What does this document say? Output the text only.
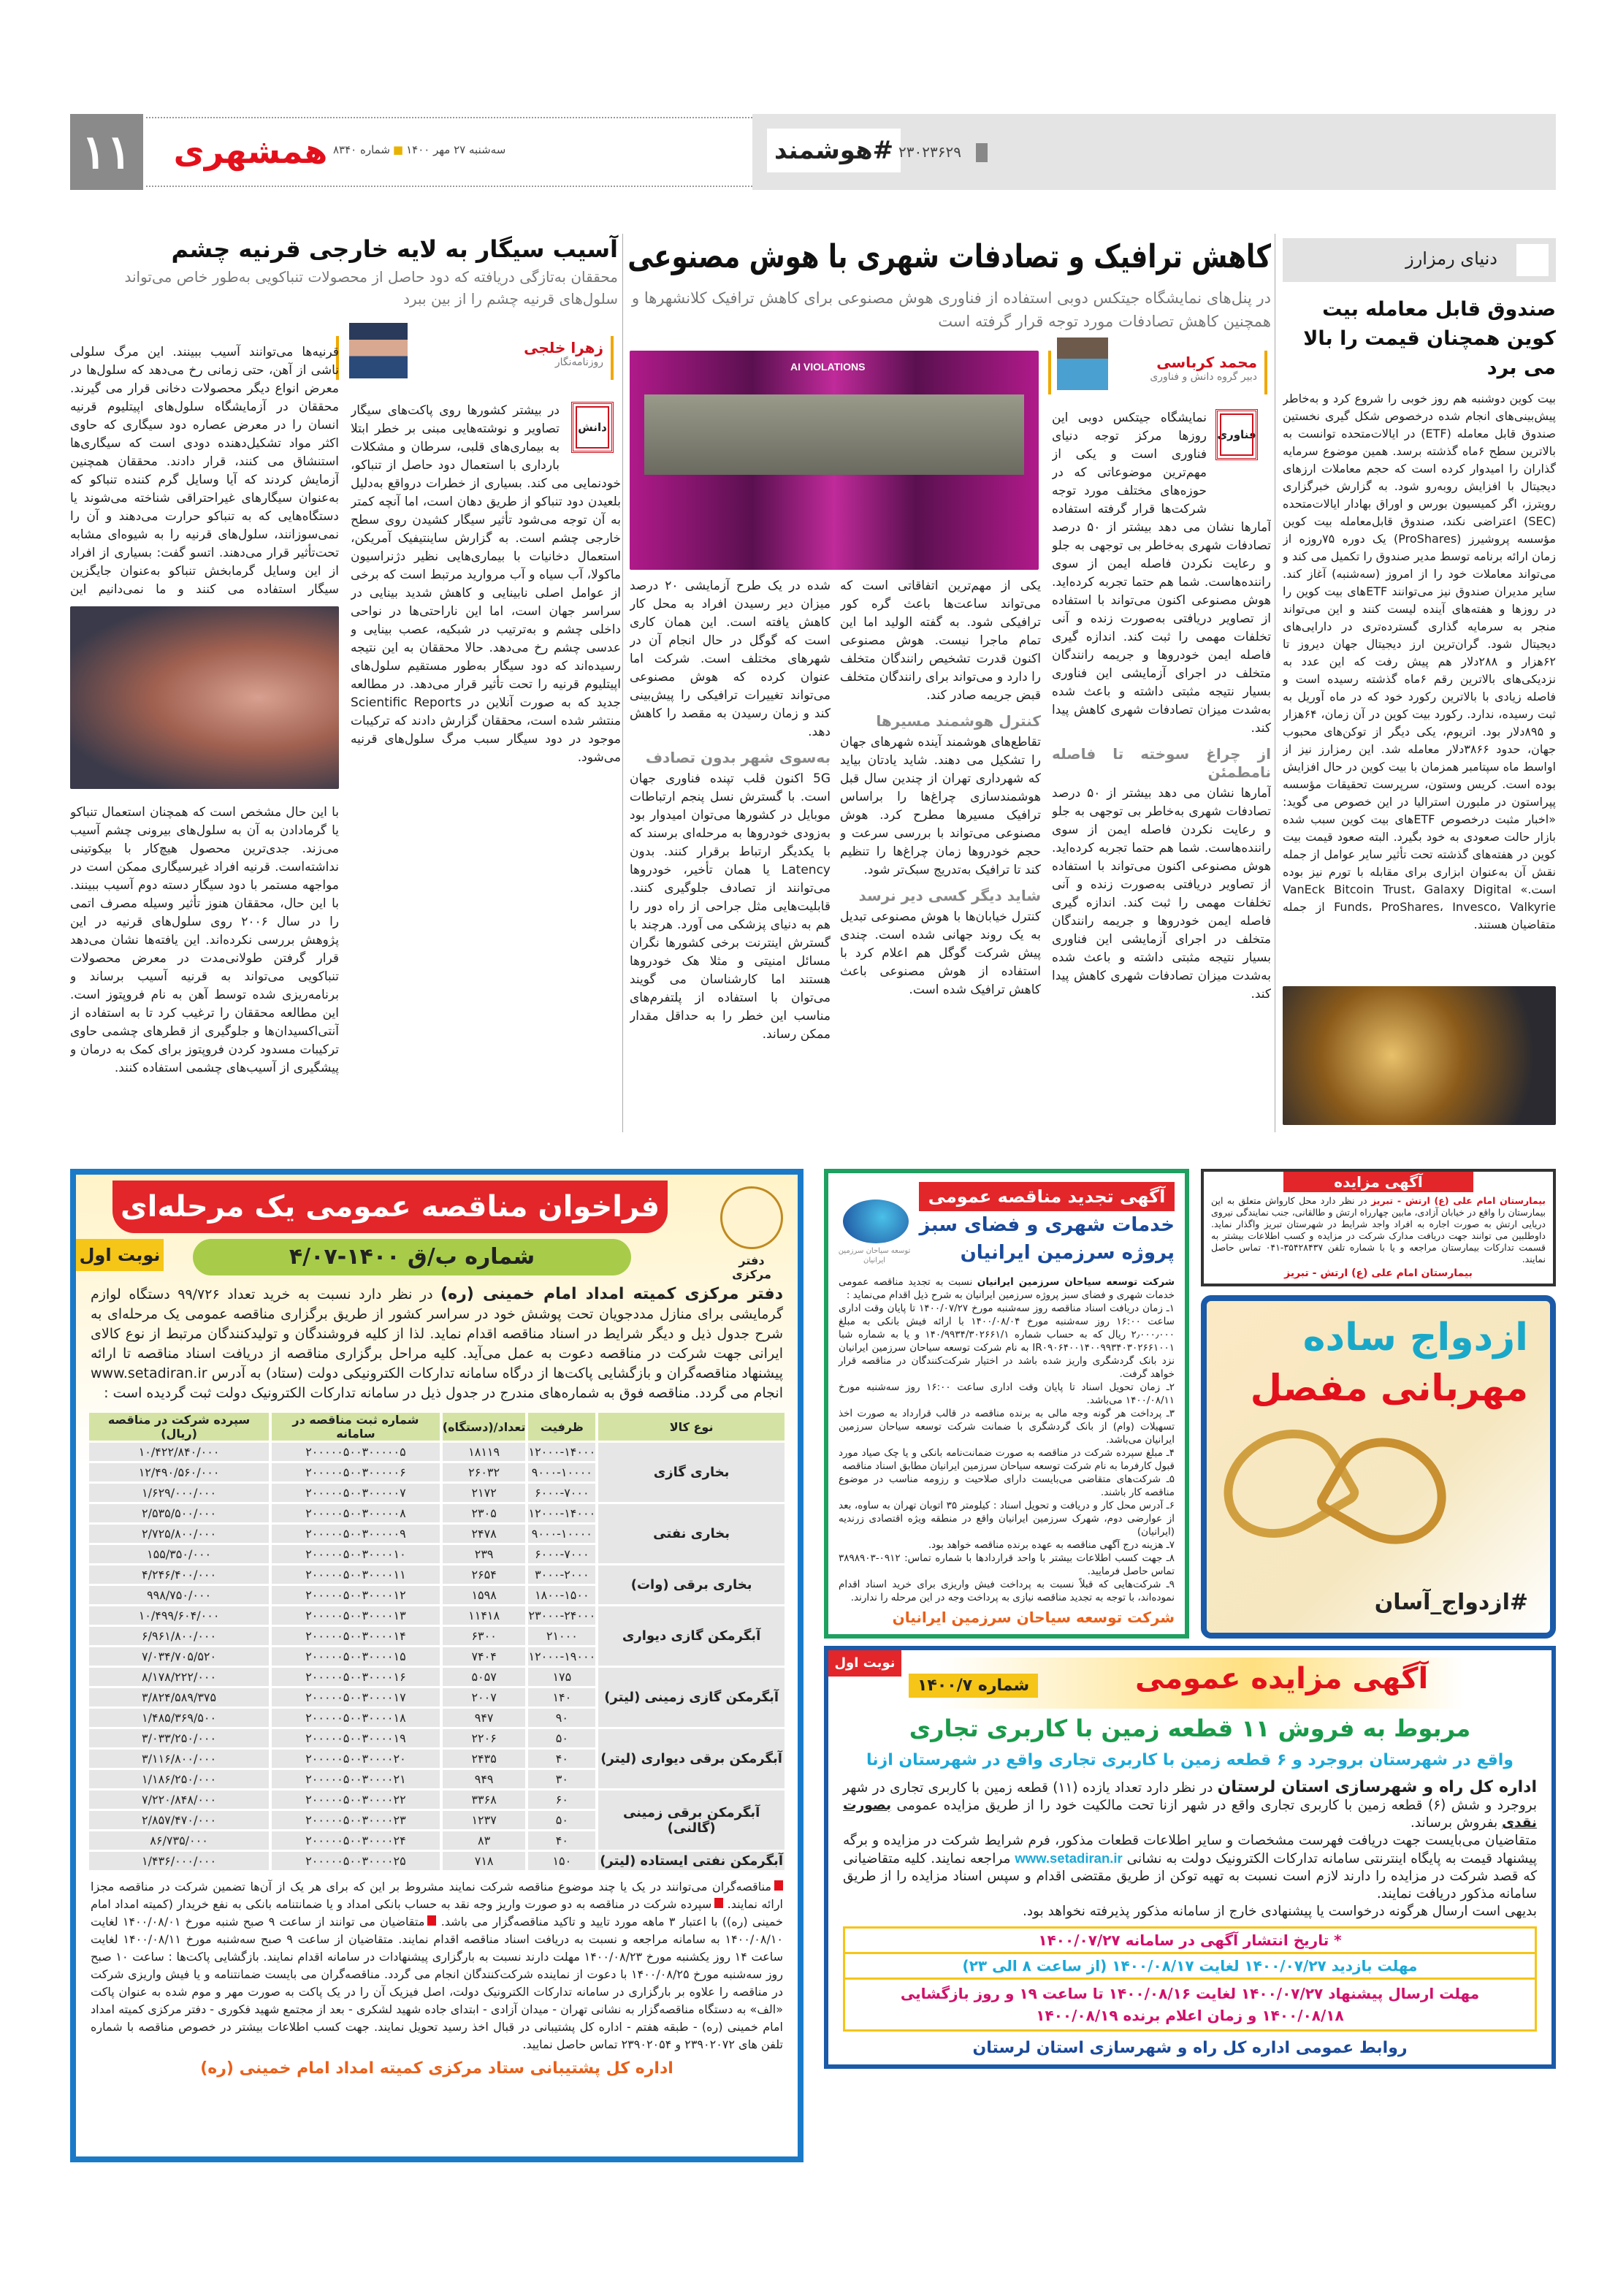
۱۱	همشهری	سه‌شنبه ۲۷ مهر ۱۴۰۰■شماره ۸۳۴۰	#هوشمند ۲۳۰۲۳۶۲۹
دنیای رمزارز
صندوق قابل معامله بیت کوین همچنان قیمت را بالا می برد
بیت کوین دوشنبه هم روز خوبی را شروع کرد و به‌خاطر پیش‌بینی‌های انجام شده درخصوص شکل گیری نخستین صندوق قابل معامله (ETF) در ایالات‌متحده توانست به بالاترین سطح ۶ماه گذشته برسد. همین موضوع سرمایه گذاران را امیدوار کرده است که حجم معاملات ارزهای دیجیتال با افزایش روبه‌رو شود. به گزارش خبرگزاری رویترز، اگر کمیسیون بورس و اوراق بهادار ایالات‌متحده (SEC) اعتراضی نکند، صندوق قابل‌معامله بیت کوین مؤسسه پروشیرز (ProShares) یک دوره ۷۵روزه از زمان ارائه برنامه توسط مدیر صندوق را تکمیل می کند و می‌تواند معاملات خود را از امروز (سه‌شنبه) آغاز کند. سایر مدیران صندوق نیز می‌توانند ETFهای بیت کوین را در روزها و هفته‌های آینده لیست کنند و این می‌تواند منجر به سرمایه گذاری گسترده‌تری در دارایی‌های دیجیتال شود. گران‌ترین ارز دیجیتال جهان دیروز تا ۶۲هزار و ۲۸۸دلار هم پیش رفت که این عدد به نزدیکی‌های بالاترین رقم ۶ماه گذشته رسیده است و فاصله زیادی با بالاترین رکورد خود که در ماه آوریل به ثبت رسیده، ندارد. رکورد بیت کوین در آن زمان، ۶۴هزار و ۸۹۵دلار بود. اتریوم، یکی دیگر از توکن‌های محبوب جهان، حدود ۳۸۶۶دلار معامله شد. این رمزارز نیز از اواسط ماه سپتامبر همزمان با بیت کوین در حال افزایش بوده است. کریس وستون، سرپرست تحقیقات مؤسسه پپراستون در ملبورن استرالیا در این خصوص می گوید: «اخبار مثبت درخصوص ETFهای بیت کوین سبب شده بازار حالت صعودی به خود بگیرد. البته صعود قیمت بیت کوین در هفته‌های گذشته تحت تأثیر سایر عوامل از جمله نقش آن به‌عنوان ابزاری برای مقابله با تورم نیز بوده است.» VanEck Bitcoin Trust، Galaxy Digital Funds، ProShares، Invesco، Valkyrie از جمله متقاضیان هستند.
کاهش ترافیک و تصادفات شهری با هوش مصنوعی
در پنل‌های نمایشگاه جیتکس دوبی استفاده از فناوری هوش مصنوعی برای کاهش ترافیک کلانشهرها و همچنین کاهش تصادفات مورد توجه قرار گرفته است
محمد کرباسی
دبیر گروه دانش و فناوری
AI VIOLATIONS
فناوری
نمایشگاه جیتکس دوبی این روزها مرکز توجه دنیای فناوری است و یکی از مهم‌ترین موضوعاتی که در حوزه‌های مختلف مورد توجه شرکت‌ها قرار گرفته استفاده

آمارها نشان می دهد بیشتر از ۵۰ درصد تصادفات شهری به‌خاطر بی توجهی به جلو و رعایت نکردن فاصله ایمن از سوی راننده‌هاست. شما هم حتما تجربه کرده‌اید. هوش مصنوعی اکنون می‌تواند با استفاده از تصاویر دریافتی به‌صورت زنده و آنی تخلفات مهمی را ثبت کند. اندازه گیری فاصله ایمن خودروها و جریمه رانندگان متخلف در اجرای آزمایشی این فناوری بسیار نتیجه مثبتی داشته و باعث شده به‌شدت میزان تصادفات شهری کاهش پیدا کند.

از چراغ سوخته تا فاصله نامطمئن

آمارها نشان می دهد بیشتر از ۵۰ درصد تصادفات شهری به‌خاطر بی توجهی به جلو و رعایت نکردن فاصله ایمن از سوی راننده‌هاست. شما هم حتما تجربه کرده‌اید. هوش مصنوعی اکنون می‌تواند با استفاده از تصاویر دریافتی به‌صورت زنده و آنی تخلفات مهمی را ثبت کند. اندازه گیری فاصله ایمن خودروها و جریمه رانندگان متخلف در اجرای آزمایشی این فناوری بسیار نتیجه مثبتی داشته و باعث شده به‌شدت میزان تصادفات شهری کاهش پیدا کند.

یکی از مهم‌ترین اتفاقاتی است که می‌تواند ساعت‌ها باعث گره کور ترافیکی شود. به گفته الولید اما این تمام ماجرا نیست. هوش مصنوعی اکنون قدرت تشخیص رانندگان متخلف را دارد و می‌تواند برای رانندگان متخلف قبض جریمه صادر کند.

کنترل هوشمند مسیرها

تقاطع‌های هوشمند آینده شهرهای جهان را تشکیل می دهند. شاید یادتان بیاید که شهرداری تهران از چندین سال قبل هوشمندسازی چراغ‌ها را براساس ترافیک مسیرها مطرح کرد. هوش مصنوعی می‌تواند با بررسی سرعت و حجم خودروها زمان چراغ‌ها را تنظیم کند تا ترافیک به‌تدریج سبک‌تر شود.

شاید دیگر کسی دیر نرسد

کنترل خیابان‌ها با هوش مصنوعی تبدیل به یک روند جهانی شده است. چندی پیش شرکت گوگل هم اعلام کرد با استفاده از هوش مصنوعی باعث کاهش ترافیک شده است.

شده در یک طرح آزمایشی ۲۰ درصد میزان دیر رسیدن افراد به محل کار کاهش یافته است. این همان کاری است که گوگل در حال انجام آن در شهرهای مختلف است. شرکت اما عنوان کرده که هوش مصنوعی می‌تواند تغییرات ترافیکی را پیش‌بینی کند و زمان رسیدن به مقصد را کاهش دهد.

به‌سوی شهر بدون تصادف

5G اکنون قلب تپنده فناوری جهان است. با گسترش نسل پنجم ارتباطات موبایل در کشورها می‌توان امیدوار بود به‌زودی خودروها به مرحله‌ای برسند که با یکدیگر ارتباط برقرار کنند. بدون Latency یا همان تأخیر، خودروها می‌توانند از تصادف جلوگیری کنند. قابلیت‌هایی مثل جراحی از راه دور را هم به دنیای پزشکی می آورد. هرچند با گسترش اینترنت برخی کشورها نگران مسائل امنیتی و مثلا هک خودروها هستند اما کارشناسان می گویند می‌توان با استفاده از پلتفرم‌های مناسب این خطر را به حداقل مقدار ممکن رساند.

آسیب سیگار به لایه خارجی قرنیه چشم
محققان به‌تازگی دریافته که دود حاصل از محصولات تنباکویی به‌طور خاص می‌تواند سلول‌های قرنیه چشم را از بین ببرد
زهرا خلجی
روزنامه‌نگار
دانش

در بیشتر کشورها روی پاکت‌های سیگار تصاویر و نوشته‌هایی مبنی بر خطر ابتلا به بیماری‌های قلبی، سرطان و مشکلات بارداری با استعمال دود حاصل از تنباکو، خودنمایی می کند. بسیاری از خطرات درواقع به‌دلیل بلعیدن دود تنباکو از طریق دهان است، اما آنچه کمتر به آن توجه می‌شود تأثیر سیگار کشیدن روی سطح خارجی چشم است. به گزارش ساینتیفیک آمریکن، استعمال دخانیات با بیماری‌هایی نظیر دژنراسیون ماکولا، آب سیاه و آب مروارید مرتبط است که برخی از عوامل اصلی نابینایی و کاهش شدید بینایی در سراسر جهان است، اما این ناراحتی‌ها در نواحی داخلی چشم و به‌ترتیب در شبکیه، عصب بینایی و عدسی چشم رخ می‌دهد. حالا محققان به این نتیجه رسیده‌اند که دود سیگار به‌طور مستقیم سلول‌های اپیتلیوم قرنیه را تحت تأثیر قرار می‌دهد. در مطالعه جدید که به صورت آنلاین در Scientific Reports منتشر شده است، محققان گزارش دادند که ترکیبات موجود در دود سیگار سبب مرگ سلول‌های قرنیه می‌شود.

قرنیه‌ها می‌توانند آسیب ببینند. این مرگ سلولی ناشی از آهن، حتی زمانی رخ می‌دهد که سلول‌ها در معرض انواع دیگر محصولات دخانی قرار می گیرند. محققان در آزمایشگاه سلول‌های اپیتلیوم قرنیه انسان را در معرض عصاره دود سیگاری که حاوی اکثر مواد تشکیل‌دهنده دودی است که سیگاری‌ها استنشاق می کنند، قرار دادند. محققان همچنین آزمایش کردند که آیا وسایل گرم کننده تنباکو که به‌عنوان سیگارهای غیراحتراقی شناخته می‌شوند یا دستگاه‌هایی که به تنباکو حرارت می‌دهند و آن را نمی‌سوزانند، سلول‌های قرنیه را به شیوه‌ای مشابه تحت‌تأثیر قرار می‌دهند. اتسو گفت: بسیاری از افراد از این وسایل گرمابخش تنباکو به‌عنوان جایگزین سیگار استفاده می کنند و ما نمی‌دانیم این
با این حال مشخص است که همچنان استعمال تنباکو یا گرمادادن به آن به سلول‌های بیرونی چشم آسیب می‌زند. جدی‌ترین محصول هیچ‌کار با بیکوتینی نداشته‌است. قرنیه افراد غیرسیگاری ممکن است در مواجهه مستمر با دود سیگار دسته دوم آسیب ببینند. با این حال، محققان هنوز تأثیر وسیله مصرف اتمی را در سال ۲۰۰۶ روی سلول‌های قرنیه در این پژوهش بررسی نکرده‌اند. این یافته‌ها نشان می‌دهد قرار گرفتن طولانی‌مدت در معرض محصولات تنباکویی می‌تواند به قرنیه آسیب برساند و برنامه‌ریزی شده توسط آهن به نام فروپتوز است. این مطالعه محققان را ترغیب کرد تا به استفاده از آنتی‌اکسیدان‌ها و جلوگیری از قطرهای چشمی حاوی ترکیبات مسدود کردن فروپتوز برای کمک به درمان و پیشگیری از آسیب‌های چشمی استفاده کنند.
فراخوان مناقصه عمومی یک مرحله‌ای
شماره ب/ق ۱۴۰۰-۴/۰۷
نوبت اول	دفتر مرکزی
دفتر مرکزی کمیته امداد امام خمینی (ره) در نظر دارد نسبت به خرید تعداد ۹۹/۷۲۶ دستگاه لوازم گرمایشی برای منازل مددجویان تحت پوشش خود در سراسر کشور از طریق برگزاری مناقصه عمومی یک مرحله‌ای به شرح جدول ذیل و دیگر شرایط در اسناد مناقصه اقدام نماید. لذا از کلیه فروشندگان و تولیدکنندگان مرتبط از نوع کالای ایرانی جهت شرکت در مناقصه دعوت به عمل می‌آید. کلیه مراحل برگزاری مناقصه از دریافت اسناد مناقصه تا ارائه پیشنهاد مناقصه‌گران و بازگشایی پاکت‌ها از درگاه سامانه تدارکات الکترونیکی دولت (ستاد) به آدرس www.setadiran.ir انجام می گردد. مناقصه فوق به شماره‌های مندرج در جدول ذیل در سامانه تدارکات الکترونیک دولت ثبت گردیده است :
نوع کالا	ظرفیت	تعداد/(دستگاه)	شماره ثبت مناقصه در سامانه	سپرده شرکت در مناقصه (ریال)
بخاری گازی	۱۲۰۰۰-۱۴۰۰۰	۱۸۱۱۹	۲۰۰۰۰۰۵۰۰۳۰۰۰۰۰۵	۱۰/۴۲۲/۸۴۰/۰۰۰
	۹۰۰۰-۱۰۰۰۰	۲۶۰۳۲	۲۰۰۰۰۰۵۰۰۳۰۰۰۰۰۶	۱۲/۴۹۰/۵۶۰/۰۰۰
	۶۰۰۰-۷۰۰۰	۲۱۷۲	۲۰۰۰۰۰۵۰۰۳۰۰۰۰۰۷	۱/۶۲۹/۰۰۰/۰۰۰
بخاری نفتی	۱۲۰۰۰-۱۴۰۰۰	۲۳۰۵	۲۰۰۰۰۰۵۰۰۳۰۰۰۰۰۸	۲/۵۳۵/۵۰۰/۰۰۰
	۹۰۰۰-۱۰۰۰۰	۲۴۷۸	۲۰۰۰۰۰۵۰۰۳۰۰۰۰۰۹	۲/۷۲۵/۸۰۰/۰۰۰
	۶۰۰۰-۷۰۰۰	۲۳۹	۲۰۰۰۰۰۵۰۰۳۰۰۰۰۱۰	۱۵۵/۳۵۰/۰۰۰
بخاری برقی (وات)	۳۰۰۰-۲۰۰۰	۲۶۵۴	۲۰۰۰۰۰۵۰۰۳۰۰۰۰۱۱	۴/۲۴۶/۴۰۰/۰۰۰
	۱۸۰۰-۱۵۰۰	۱۵۹۸	۲۰۰۰۰۰۵۰۰۳۰۰۰۰۱۲	۹۹۸/۷۵۰/۰۰۰
آبگرمکن گازی دیواری	۲۳۰۰۰-۲۴۰۰۰	۱۱۴۱۸	۲۰۰۰۰۰۵۰۰۳۰۰۰۰۱۳	۱۰/۴۹۹/۶۰۴/۰۰۰
	۲۱۰۰۰	۶۳۰۰	۲۰۰۰۰۰۵۰۰۳۰۰۰۰۱۴	۶/۹۶۱/۸۰۰/۰۰۰
	۱۲۰۰۰-۱۹۰۰۰	۷۴۰۴	۲۰۰۰۰۰۵۰۰۳۰۰۰۰۱۵	۷/۰۳۴/۷۰۵/۵۲۰
آبگرمکن گازی زمینی (لیتر)	۱۷۵	۵۰۵۷	۲۰۰۰۰۰۵۰۰۳۰۰۰۰۱۶	۸/۱۷۸/۲۲۲/۰۰۰
	۱۴۰	۲۰۰۷	۲۰۰۰۰۰۵۰۰۳۰۰۰۰۱۷	۳/۸۲۴/۵۸۹/۳۷۵
	۹۰	۹۴۷	۲۰۰۰۰۰۵۰۰۳۰۰۰۰۱۸	۱/۴۸۵/۳۶۹/۵۰۰
آبگرمکن برقی دیواری (لیتر)	۵۰	۲۲۰۶	۲۰۰۰۰۰۵۰۰۳۰۰۰۰۱۹	۳/۰۳۳/۲۵۰/۰۰۰
	۴۰	۲۴۳۵	۲۰۰۰۰۰۵۰۰۳۰۰۰۰۲۰	۳/۱۱۶/۸۰۰/۰۰۰
	۳۰	۹۴۹	۲۰۰۰۰۰۵۰۰۳۰۰۰۰۲۱	۱/۱۸۶/۲۵۰/۰۰۰
آبگرمکن برقی زمینی (گالنی)	۶۰	۳۳۶۸	۲۰۰۰۰۰۵۰۰۳۰۰۰۰۲۲	۷/۲۲۰/۸۴۸/۰۰۰
	۵۰	۱۲۳۷	۲۰۰۰۰۰۵۰۰۳۰۰۰۰۲۳	۲/۸۵۷/۴۷۰/۰۰۰
	۴۰	۸۳	۲۰۰۰۰۰۵۰۰۳۰۰۰۰۲۴	۸۶/۷۳۵/۰۰۰
آبگرمکن نفتی ایستاده (لیتر)	۱۵۰	۷۱۸	۲۰۰۰۰۰۵۰۰۳۰۰۰۰۲۵	۱/۴۳۶/۰۰۰/۰۰۰
مناقصه‌گران می‌توانند در یک یا چند موضوع مناقصه شرکت نمایند مشروط بر این که برای هر یک از آن‌ها تضمین شرکت در مناقصه مجزا ارائه نمایند. سپرده شرکت در مناقصه به دو صورت واریز وجه نقد به حساب بانکی امداد و یا ضمانتنامه بانکی به نفع خریدار (کمیته امداد امام خمینی (ره)) با اعتبار ۳ ماهه مورد تایید و تاکید مناقصه‌گزار می باشد. متقاضیان می توانند از ساعت ۹ صبح شنبه مورخ ۱۴۰۰/۰۸/۰۱ لغایت ۱۴۰۰/۰۸/۱۰ به سامانه مراجعه و نسبت به دریافت اسناد مناقصه اقدام نمایند. متقاضیان از ساعت ۹ صبح سه‌شنبه مورخ ۱۴۰۰/۰۸/۱۱ لغایت ساعت ۱۴ روز یکشنبه مورخ ۱۴۰۰/۰۸/۲۳ مهلت دارند نسبت به بارگزاری پیشنهادات در سامانه اقدام نمایند. بازگشایی پاکت‌ها : ساعت ۱۰ صبح روز سه‌شنبه مورخ ۱۴۰۰/۰۸/۲۵ با دعوت از نماینده شرکت‌کنندگان انجام می گردد. مناقصه‌گران می بایست ضمانتنامه و یا فیش واریزی شرکت در مناقصه را علاوه بر بارگزاری در سامانه تدارکات الکترونیک دولت، اصل فیزیک آن را در یک پاکت به صورت مهر و موم شده به عنوان پاکت «الف» به دستگاه مناقصه‌گزار به نشانی تهران - میدان آزادی - ابتدای جاده شهید لشکری - بعد از مجتمع شهید فکوری - دفتر مرکزی کمیته امداد امام خمینی (ره) - طبقه هفتم - اداره کل پشتیبانی در قبال اخذ رسید تحویل نمایند. جهت کسب اطلاعات بیشتر در خصوص مناقصه با شماره تلفن های ۲۳۹۰۲۰۷۲ و ۲۳۹۰۲۰۵۴ تماس حاصل نمایید.
اداره کل پشتیبانی ستاد مرکزی کمیته امداد امام خمینی (ره)
آگهی مزایده
بیمارستان امام علی (ع) ارتش - تبریز در نظر دارد محل کارواش متعلق به این بیمارستان را واقع در خیابان آزادی، مابین چهارراه ارتش و طالقانی، جنب نمایندگی نیروی دریایی ارتش به صورت اجاره به افراد واجد شرایط در شهرستان تبریز واگذار نماید. داوطلبین می توانند جهت دریافت مدارک شرکت در مزایده و کسب اطلاعات بیشتر به قسمت تدارکات بیمارستان مراجعه و یا با شماره تلفن ۳۵۴۲۸۴۳۷-۰۴۱ تماس حاصل نمایند.
بیمارستان امام علی (ع) ارتش - تبریز
ازدواج ساده
مهربانی مفصل
#ازدواج_آسان
آگهی تجدید مناقصه عمومی
خدمات شهری و فضای سبز
پروژه سرزمین ایرانیان
توسعه سیاحان سرزمین ایرانیان
شرکت توسعه سیاحان سرزمین ایرانیان نسبت به تجدید مناقصه عمومی خدمات شهری و فضای سبز پروژه سرزمین ایرانیان به شرح ذیل اقدام می‌نماید :
۱ـ زمان دریافت اسناد مناقصه روز سه‌شنبه مورخ ۱۴۰۰/۰۷/۲۷ تا پایان وقت اداری ساعت ۱۶:۰۰ روز سه‌شنبه مورخ ۱۴۰۰/۰۸/۰۴ با ارائه فیش بانکی به مبلغ ۲٫۰۰۰٫۰۰۰ ریال که به حساب شماره ۱۴۰/۹۹۳۴/۳۰۲۶۶۱/۱ و یا به شماره شبا IR۰۹۰۶۴۰۰۱۴۰۰۹۹۳۴۰۳۰۲۶۶۱۰۰۱ به نام شرکت توسعه سیاحان سرزمین ایرانیان نزد بانک گردشگری واریز شده باشد در اختیار شرکت‌کنندگان در مناقصه قرار خواهد گرفت.
۲ـ زمان تحویل اسناد تا پایان وقت اداری ساعت ۱۶:۰۰ روز سه‌شنبه مورخ ۱۴۰۰/۰۸/۱۱ می‌باشد.
۳ـ پرداخت هر گونه وجه مالی به برنده مناقصه در قالب قرارداد به صورت اخذ تسهیلات (وام) از بانک گردشگری با ضمانت شرکت توسعه سیاحان سرزمین ایرانیان می‌باشد.
۴ـ مبلغ سپرده شرکت در مناقصه به صورت ضمانت‌نامه بانکی و یا چک صیاد مورد قبول کارفرما به نام شرکت توسعه سیاحان سرزمین ایرانیان مطابق اسناد مناقصه
۵ـ شرکت‌های متقاضی می‌بایست دارای صلاحیت و رزومه مناسب در موضوع مناقصه کار باشند.
۶ـ آدرس محل کار و دریافت و تحویل اسناد : کیلومتر ۳۵ اتوبان تهران به ساوه، بعد از عوارضی دوم، شهرک سرزمین ایرانیان واقع در منطقه ویژه اقتصادی زرندیه (ایرانیان)
۷ـ هزینه درج آگهی مناقصه به عهده برنده مناقصه خواهد بود.
۸ـ جهت کسب اطلاعات بیشتر با واحد قراردادها با شماره تماس: ۰۹۱۲-۳۸۹۸۹۰۳ تماس حاصل فرمایید.
۹ـ شرکت‌هایی که قبلاً نسبت به پرداخت فیش واریزی برای خرید اسناد اقدام نموده‌اند، با توجه به تجدید مناقصه نیازی به پرداخت وجه در این مرحله را ندارند.
شرکت توسعه سیاحان سرزمین ایرانیان
نوبت اول	آگهی مزایده عمومی
شماره ۱۴۰۰/۷
مربوط به فروش ۱۱ قطعه زمین با کاربری تجاری
واقع در شهرستان بروجرد و ۶ قطعه زمین با کاربری تجاری واقع در شهرستان ازنا
اداره کل راه و شهرسازی استان لرستان در نظر دارد تعداد یازده (۱۱) قطعه زمین با کاربری تجاری در شهر بروجرد و شش (۶) قطعه زمین با کاربری تجاری واقع در شهر ازنا تحت مالکیت خود را از طریق مزایده عمومی بصورت نقدی بفروش برساند.
متقاضیان می‌بایست جهت دریافت فهرست مشخصات و سایر اطلاعات قطعات مذکور، فرم شرایط شرکت در مزایده و برگه پیشنهاد قیمت به پایگاه اینترنتی سامانه تدارکات الکترونیک دولت به نشانی www.setadiran.ir مراجعه نمایند. کلیه متقاضیانی که قصد شرکت در مزایده را دارند لازم است نسبت به تهیه توکن از طریق مقتضی اقدام و سپس اسناد مزایده را از طریق سامانه مذکور دریافت نمایند.
بدیهی است ارسال هرگونه درخواست یا پیشنهادی خارج از سامانه مذکور پذیرفته نخواهد بود.
* تاریخ انتشار آگهی در سامانه ۱۴۰۰/۰۷/۲۷
مهلت بازدید ۱۴۰۰/۰۷/۲۷ لغایت ۱۴۰۰/۰۸/۱۷ (از ساعت ۸ الی ۲۳)
مهلت ارسال پیشنهاد ۱۴۰۰/۰۷/۲۷ لغایت ۱۴۰۰/۰۸/۱۶ تا ساعت ۱۹ و روز بازگشایی ۱۴۰۰/۰۸/۱۸ و زمان اعلام برنده ۱۴۰۰/۰۸/۱۹
روابط عمومی اداره کل راه و شهرسازی استان لرستان
